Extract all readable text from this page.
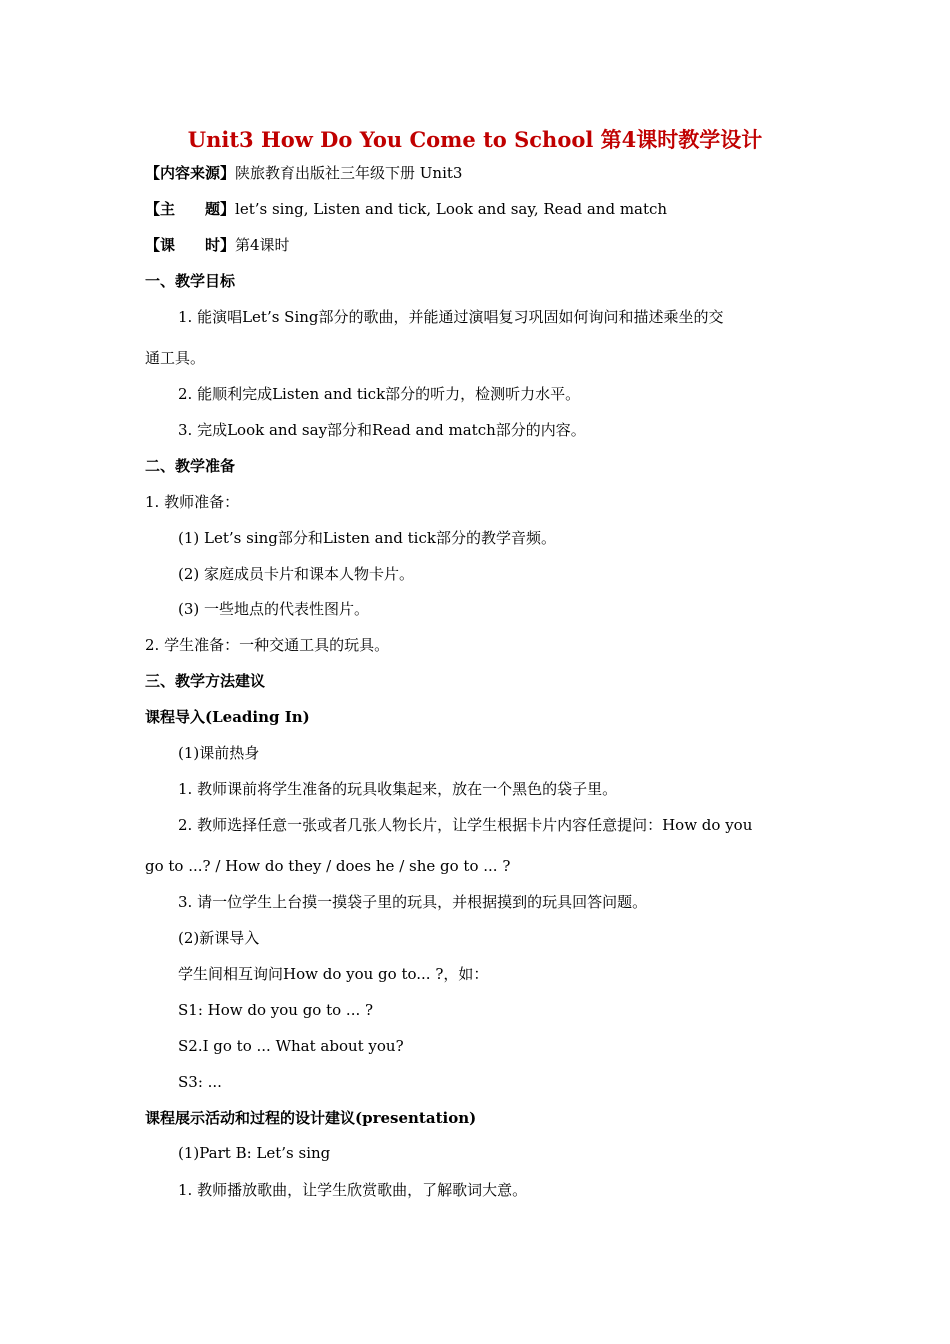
Unit3 How Do You Come to School 第4课时教学设计
【内容来源】陕旅教育出版社三年级下册 Unit3
【主　　题】let’s sing, Listen and tick, Look and say, Read and match
【课　　时】第4课时
一、教学目标
1. 能演唱Let’s Sing部分的歌曲，并能通过演唱复习巩固如何询问和描述乘坐的交
通工具。
2. 能顺利完成Listen and tick部分的听力，检测听力水平。
3. 完成Look and say部分和Read and match部分的内容。
二、教学准备
1. 教师准备：
(1) Let’s sing部分和Listen and tick部分的教学音频。
(2) 家庭成员卡片和课本人物卡片。
(3) 一些地点的代表性图片。
2. 学生准备：一种交通工具的玩具。
三、教学方法建议
课程导入(Leading In)
(1)课前热身
1. 教师课前将学生准备的玩具收集起来，放在一个黑色的袋子里。
2. 教师选择任意一张或者几张人物长片，让学生根据卡片内容任意提问：How do you
go to ...? / How do they / does he / she go to ... ?
3. 请一位学生上台摸一摸袋子里的玩具，并根据摸到的玩具回答问题。
(2)新课导入
学生间相互询问How do you go to... ?，如：
S1: How do you go to ... ?
S2.I go to ... What about you?
S3: ...
课程展示活动和过程的设计建议(presentation)
(1)Part B: Let’s sing
1. 教师播放歌曲，让学生欣赏歌曲，了解歌词大意。
